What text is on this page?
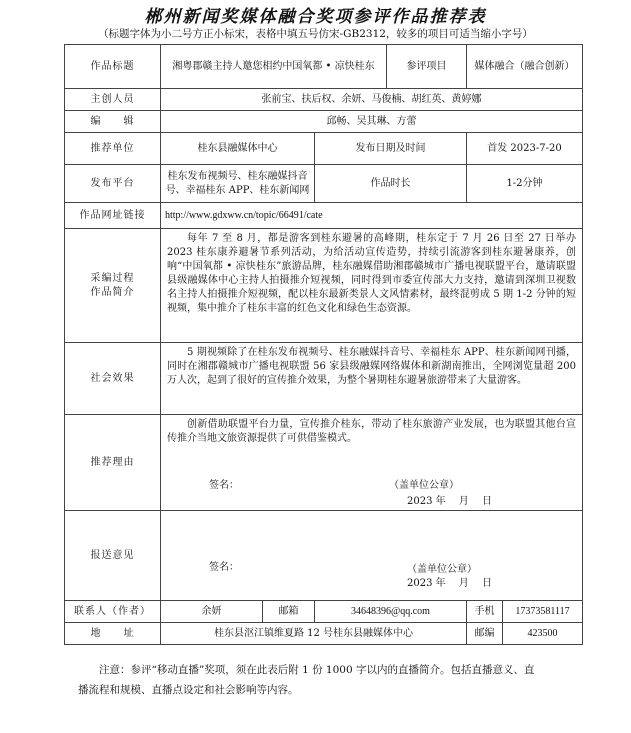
郴州新闻奖媒体融合奖项参评作品推荐表
（标题字体为小二号方正小标宋，表格中填五号仿宋-GB2312，较多的项目可适当缩小字号）
作品标题	湘粤郡赣主持人邀您相约中国氧都 • 凉快桂东			参评项目	媒体融合（融合创新）	
主创人员	张前宝、扶后权、余妍、马俊楠、胡红英、黄婷娜					
编　　辑	邱畅、吴其琳、方蕾					
推荐单位	桂东县融媒体中心		发布日期及时间		首发 2023-7-20	
发布平台	桂东发布视频号、桂东融媒抖音号、幸福桂东 APP、桂东新闻网		作品时长		1-2分钟	
作品网址链接	http://www.gdxww.cn/topic/66491/cate					

采编过程
作品简介	每年 7 至 8 月，都是游客到桂东避暑的高峰期，桂东定于 7 月 26 日至 27 日举办 2023 桂东康养避暑节系列活动，为给活动宣传造势，持续引流游客到桂东避暑康养，创响“中国氧都 • 凉快桂东”旅游品牌，桂东融媒借助湘郡赣城市广播电视联盟平台，邀请联盟县级融媒体中心主持人拍摄推介短视频，同时得到市委宣传部大力支持，邀请到深圳卫视数名主持人拍摄推介短视频，配以桂东最新类景人文风情素材，最终混剪成 5 期 1-2 分钟的短视频，集中推介了桂东丰富的红色文化和绿色生态资源。					
社会效果	5 期视频除了在桂东发布视频号、桂东融媒抖音号、幸福桂东 APP、桂东新闻网刊播，同时在湘郡赣城市广播电视联盟 56 家县级融媒网络媒体和新湖南推出，全网浏览量超 200 万人次，起到了很好的宣传推介效果，为整个暑期桂东避暑旅游带来了大量游客。					
推荐理由	创新借助联盟平台力量，宣传推介桂东，带动了桂东旅游产业发展，也为联盟其他台宣传推介当地文旅资源提供了可供借鉴模式。
签名： （盖单位公章）
2023 年　 月　 日					

报送意见	签名： （盖单位公章）
2023 年　 月　 日					

联系人（作者）	余妍	邮箱	34648396@qq.com		手机	17373581117
地　　址	桂东县沤江镇维夏路 12 号桂东县融媒体中心				邮编	423500
注意：参评“移动直播”奖项，须在此表后附 1 份 1000 字以内的直播简介。包括直播意义、直
播流程和规模、直播点设定和社会影响等内容。
